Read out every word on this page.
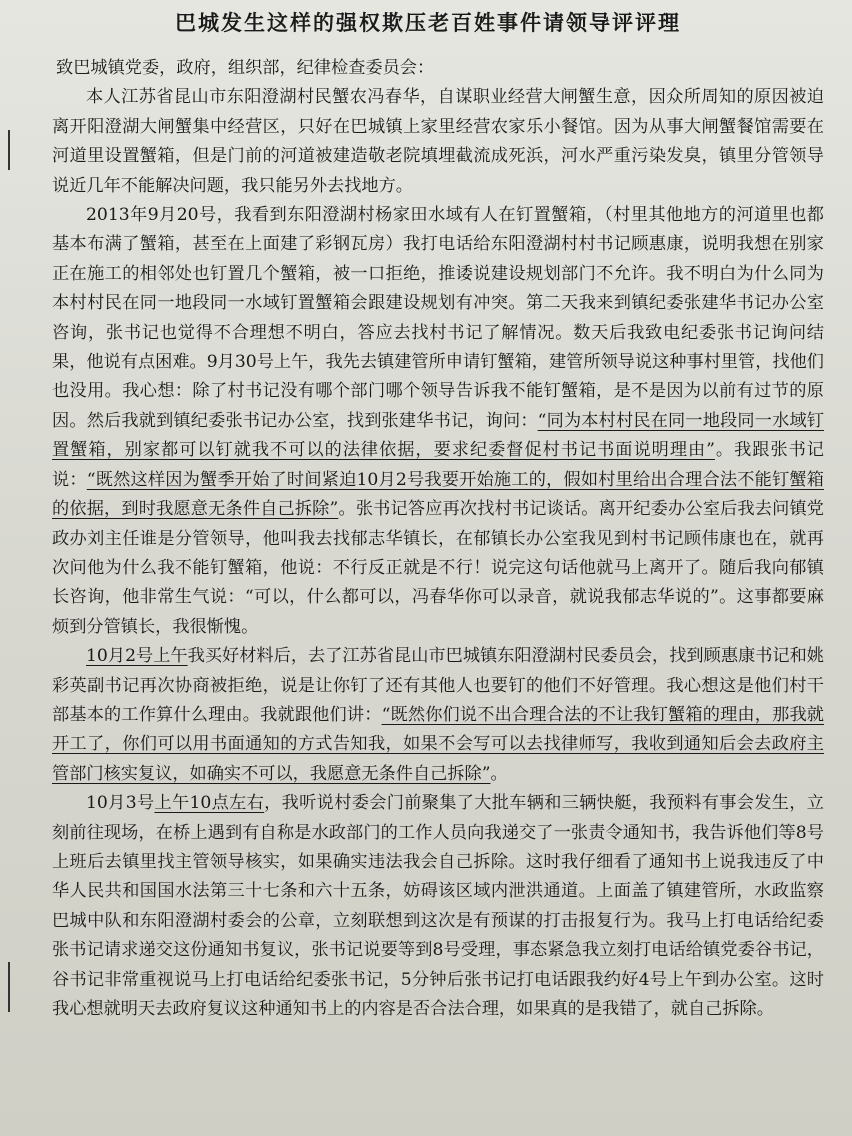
巴城发生这样的强权欺压老百姓事件请领导评评理

致巴城镇党委，政府，组织部，纪律检查委员会：

本人江苏省昆山市东阳澄湖村民蟹农冯春华，自谋职业经营大闸蟹生意，因众所周知的原因被迫离开阳澄湖大闸蟹集中经营区，只好在巴城镇上家里经营农家乐小餐馆。因为从事大闸蟹餐馆需要在河道里设置蟹箱，但是门前的河道被建造敬老院填埋截流成死浜，河水严重污染发臭，镇里分管领导说近几年不能解决问题，我只能另外去找地方。

2013年9月20号，我看到东阳澄湖村杨家田水域有人在钉置蟹箱，（村里其他地方的河道里也都基本布满了蟹箱，甚至在上面建了彩钢瓦房）我打电话给东阳澄湖村村书记顾惠康，说明我想在别家正在施工的相邻处也钉置几个蟹箱，被一口拒绝，推诿说建设规划部门不允许。我不明白为什么同为本村村民在同一地段同一水域钉置蟹箱会跟建设规划有冲突。第二天我来到镇纪委张建华书记办公室咨询，张书记也觉得不合理想不明白，答应去找村书记了解情况。数天后我致电纪委张书记询问结果，他说有点困难。9月30号上午，我先去镇建管所申请钉蟹箱，建管所领导说这种事村里管，找他们也没用。我心想：除了村书记没有哪个部门哪个领导告诉我不能钉蟹箱，是不是因为以前有过节的原因。然后我就到镇纪委张书记办公室，找到张建华书记，询问：“同为本村村民在同一地段同一水域钉置蟹箱，别家都可以钉就我不可以的法律依据，要求纪委督促村书记书面说明理由”。我跟张书记说：“既然这样因为蟹季开始了时间紧迫10月2号我要开始施工的，假如村里给出合理合法不能钉蟹箱的依据，到时我愿意无条件自己拆除”。张书记答应再次找村书记谈话。离开纪委办公室后我去问镇党政办刘主任谁是分管领导，他叫我去找郁志华镇长，在郁镇长办公室我见到村书记顾伟康也在，就再次问他为什么我不能钉蟹箱，他说：不行反正就是不行！说完这句话他就马上离开了。随后我向郁镇长咨询，他非常生气说：“可以，什么都可以，冯春华你可以录音，就说我郁志华说的”。这事都要麻烦到分管镇长，我很惭愧。

10月2号上午我买好材料后，去了江苏省昆山市巴城镇东阳澄湖村民委员会，找到顾惠康书记和姚彩英副书记再次协商被拒绝，说是让你钉了还有其他人也要钉的他们不好管理。我心想这是他们村干部基本的工作算什么理由。我就跟他们讲：“既然你们说不出合理合法的不让我钉蟹箱的理由，那我就开工了，你们可以用书面通知的方式告知我，如果不会写可以去找律师写，我收到通知后会去政府主管部门核实复议，如确实不可以，我愿意无条件自己拆除”。

10月3号上午10点左右，我听说村委会门前聚集了大批车辆和三辆快艇，我预料有事会发生，立刻前往现场，在桥上遇到有自称是水政部门的工作人员向我递交了一张责令通知书，我告诉他们等8号上班后去镇里找主管领导核实，如果确实违法我会自己拆除。这时我仔细看了通知书上说我违反了中华人民共和国国水法第三十七条和六十五条，妨碍该区域内泄洪通道。上面盖了镇建管所，水政监察巴城中队和东阳澄湖村委会的公章，立刻联想到这次是有预谋的打击报复行为。我马上打电话给纪委张书记请求递交这份通知书复议，张书记说要等到8号受理，事态紧急我立刻打电话给镇党委谷书记，谷书记非常重视说马上打电话给纪委张书记，5分钟后张书记打电话跟我约好4号上午到办公室。这时我心想就明天去政府复议这种通知书上的内容是否合法合理，如果真的是我错了，就自己拆除。
